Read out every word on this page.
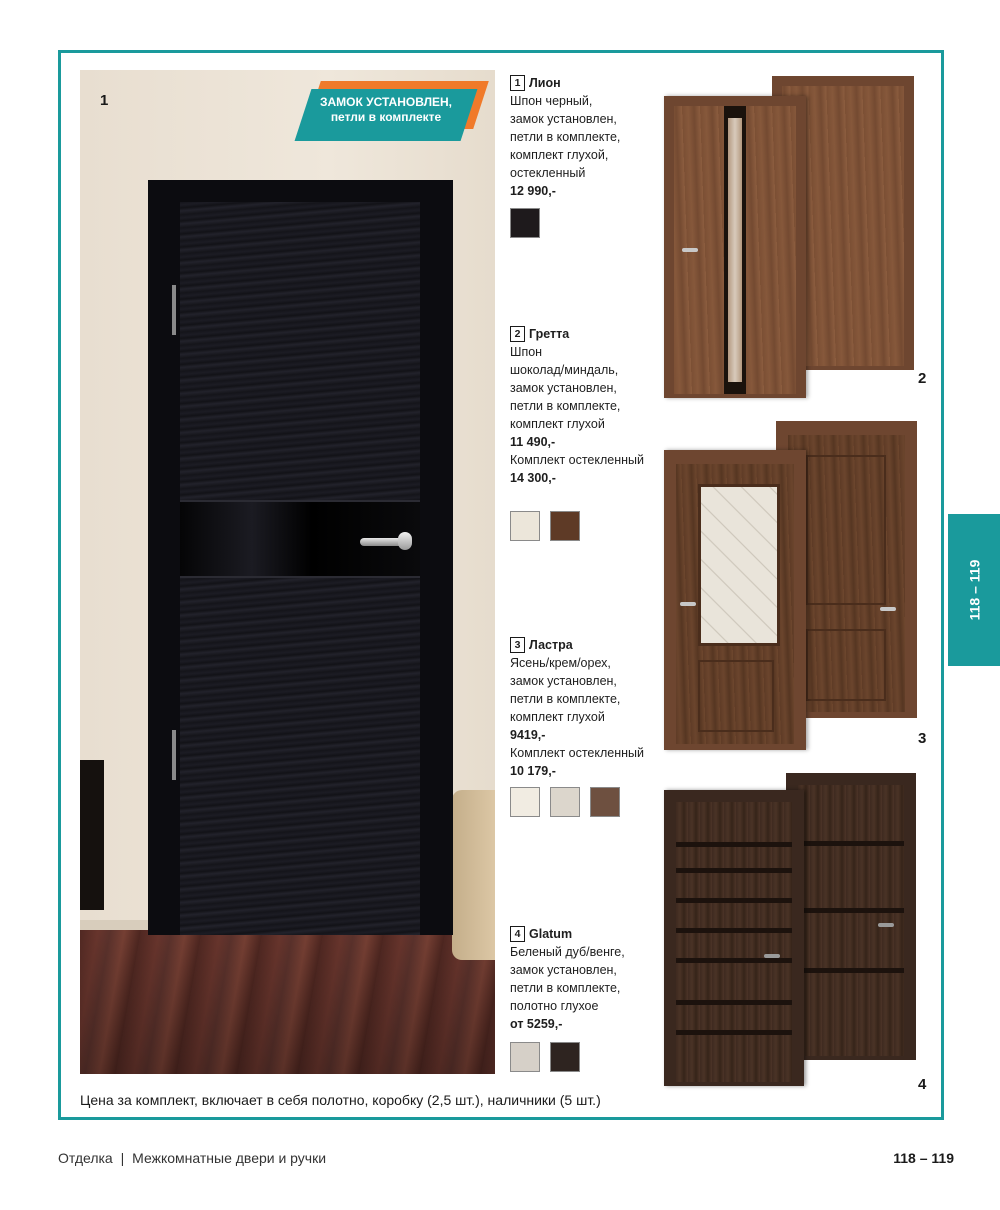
1	ЗАМОК УСТАНОВЛЕН,
петли в комплекте
1 Лион
Шпон черный,
замок установлен,
петли в комплекте,
комплект глухой,
остекленный
12 990,-
2 Гретта
Шпон
шоколад/миндаль,
замок установлен,
петли в комплекте,
комплект глухой
11 490,-
Комплект остекленный
14 300,-
3 Ластра
Ясень/крем/орех,
замок установлен,
петли в комплекте,
комплект глухой
9419,-
Комплект остекленный
10 179,-
4 Glatum
Беленый дуб/венге,
замок установлен,
петли в комплекте,
полотно глухое
от 5259,-
2
3
4
Цена за комплект, включает в себя полотно, коробку (2,5 шт.), наличники (5 шт.)
118 – 119
Отделка | Межкомнатные двери и ручки	118 – 119
